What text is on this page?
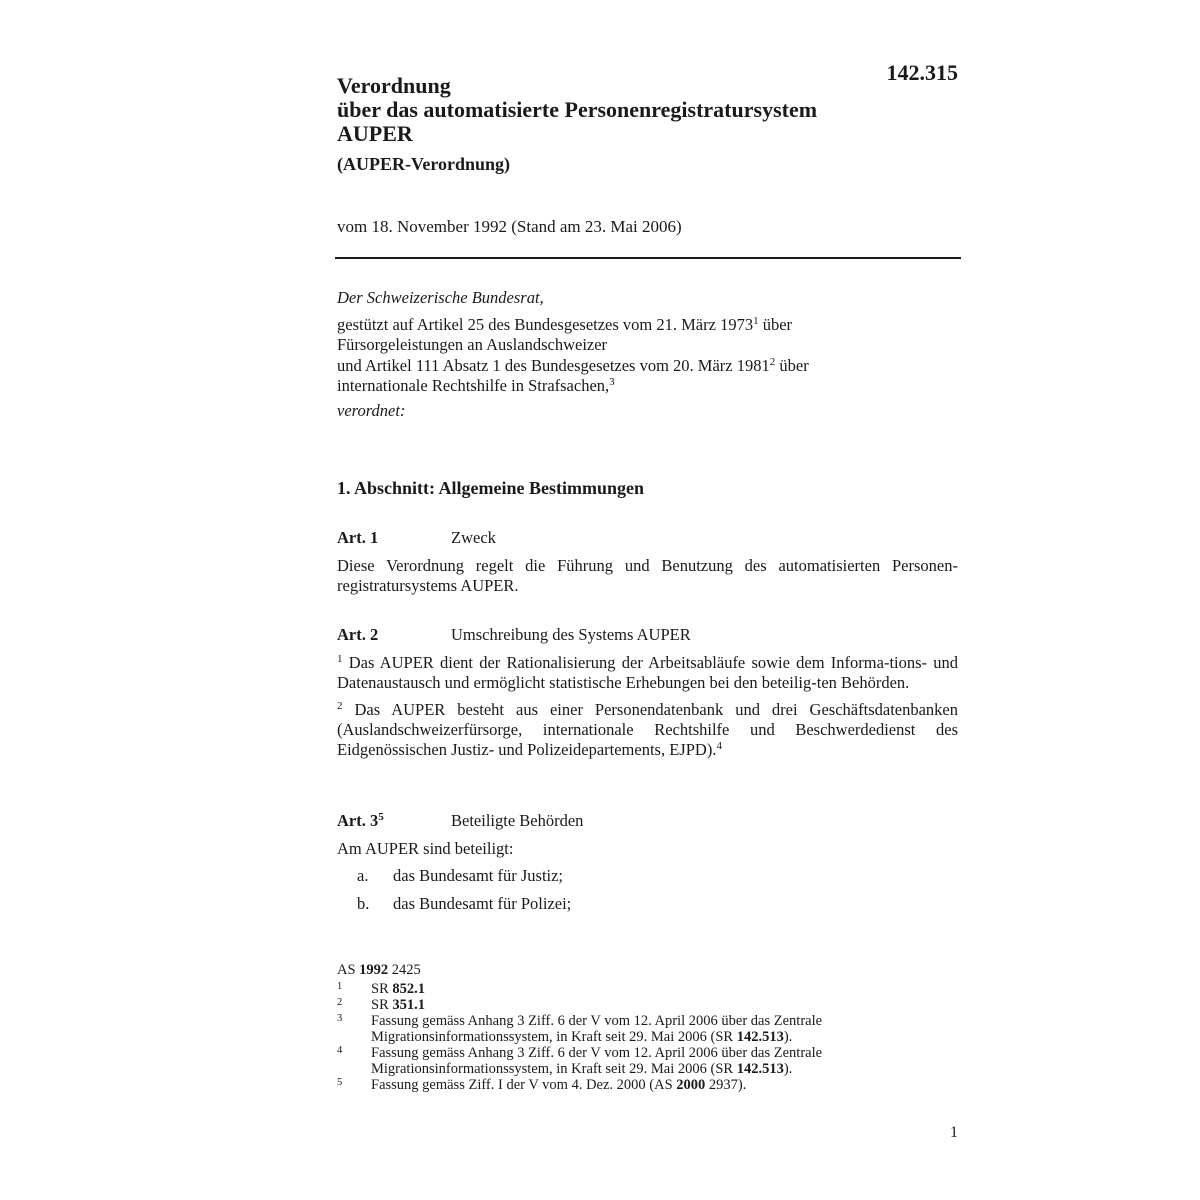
142.315
Verordnung
über das automatisierte Personenregistratursystem
AUPER
(AUPER-Verordnung)
vom 18. November 1992 (Stand am 23. Mai 2006)
Der Schweizerische Bundesrat,
gestützt auf Artikel 25 des Bundesgesetzes vom 21. März 1973$^1$ über
Fürsorgeleistungen an Auslandschweizer
und Artikel 111 Absatz 1 des Bundesgesetzes vom 20. März 1981$^2$ über
internationale Rechtshilfe in Strafsachen,$^3$
verordnet:
1. Abschnitt: Allgemeine Bestimmungen
Art. 1	Zweck

Diese Verordnung regelt die Führung und Benutzung des automatisierten Personen-registratursystems AUPER.

Art. 2	Umschreibung des Systems AUPER

$^1$ Das AUPER dient der Rationalisierung der Arbeitsabläufe sowie dem Informa-tions- und Datenaustausch und ermöglicht statistische Erhebungen bei den beteilig-ten Behörden.

$^2$ Das AUPER besteht aus einer Personendatenbank und drei Geschäftsdatenbanken (Auslandschweizerfürsorge, internationale Rechtshilfe und Beschwerdedienst des Eidgenössischen Justiz- und Polizeidepartements, EJPD).$^4$

Art. $3^5$	Beteiligte Behörden

Am AUPER sind beteiligt:

a.	das Bundesamt für Justiz;
b.	das Bundesamt für Polizei;
AS 1992 2425
1	SR 852.1
2	SR 351.1
3	Fassung gemäss Anhang 3 Ziff. 6 der V vom 12. April 2006 über das Zentrale Migrationsinformationssystem, in Kraft seit 29. Mai 2006 (SR 142.513).
4	Fassung gemäss Anhang 3 Ziff. 6 der V vom 12. April 2006 über das Zentrale Migrationsinformationssystem, in Kraft seit 29. Mai 2006 (SR 142.513).
5	Fassung gemäss Ziff. I der V vom 4. Dez. 2000 (AS 2000 2937).
1
